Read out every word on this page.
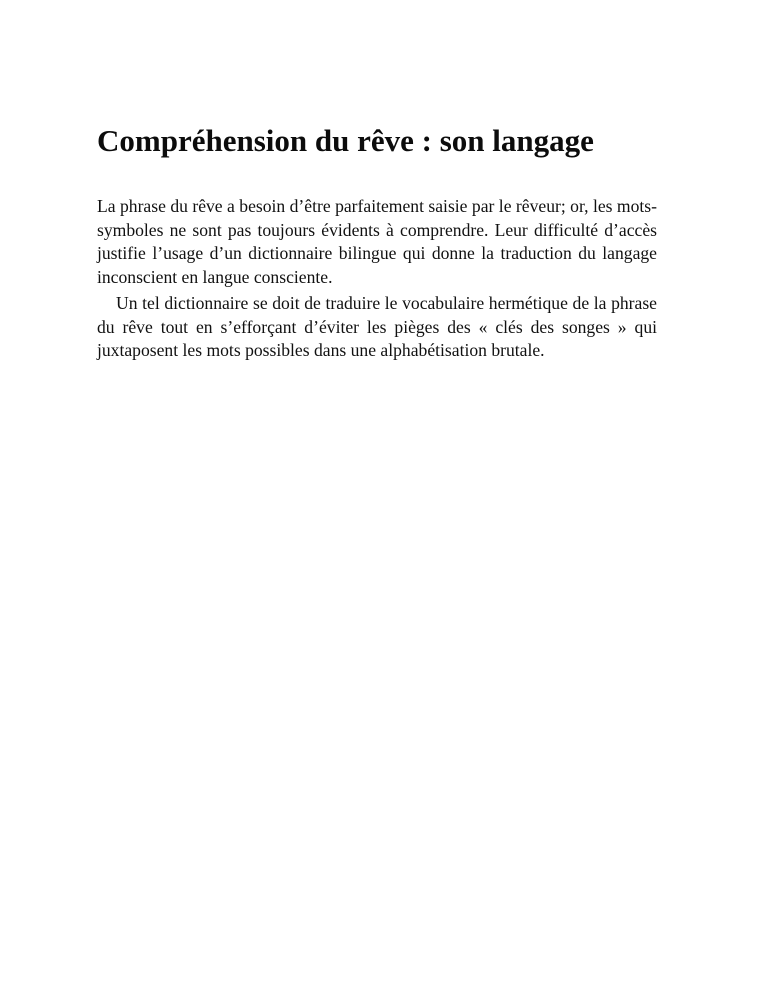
Compréhension du rêve : son langage

La phrase du rêve a besoin d’être parfaitement saisie par le rêveur; or, les mots-symboles ne sont pas toujours évidents à comprendre. Leur difficulté d’accès justifie l’usage d’un dictionnaire bilingue qui donne la traduction du langage inconscient en langue consciente.

Un tel dictionnaire se doit de traduire le vocabulaire hermétique de la phrase du rêve tout en s’efforçant d’éviter les pièges des « clés des songes » qui juxtaposent les mots possibles dans une alphabétisation brutale.
